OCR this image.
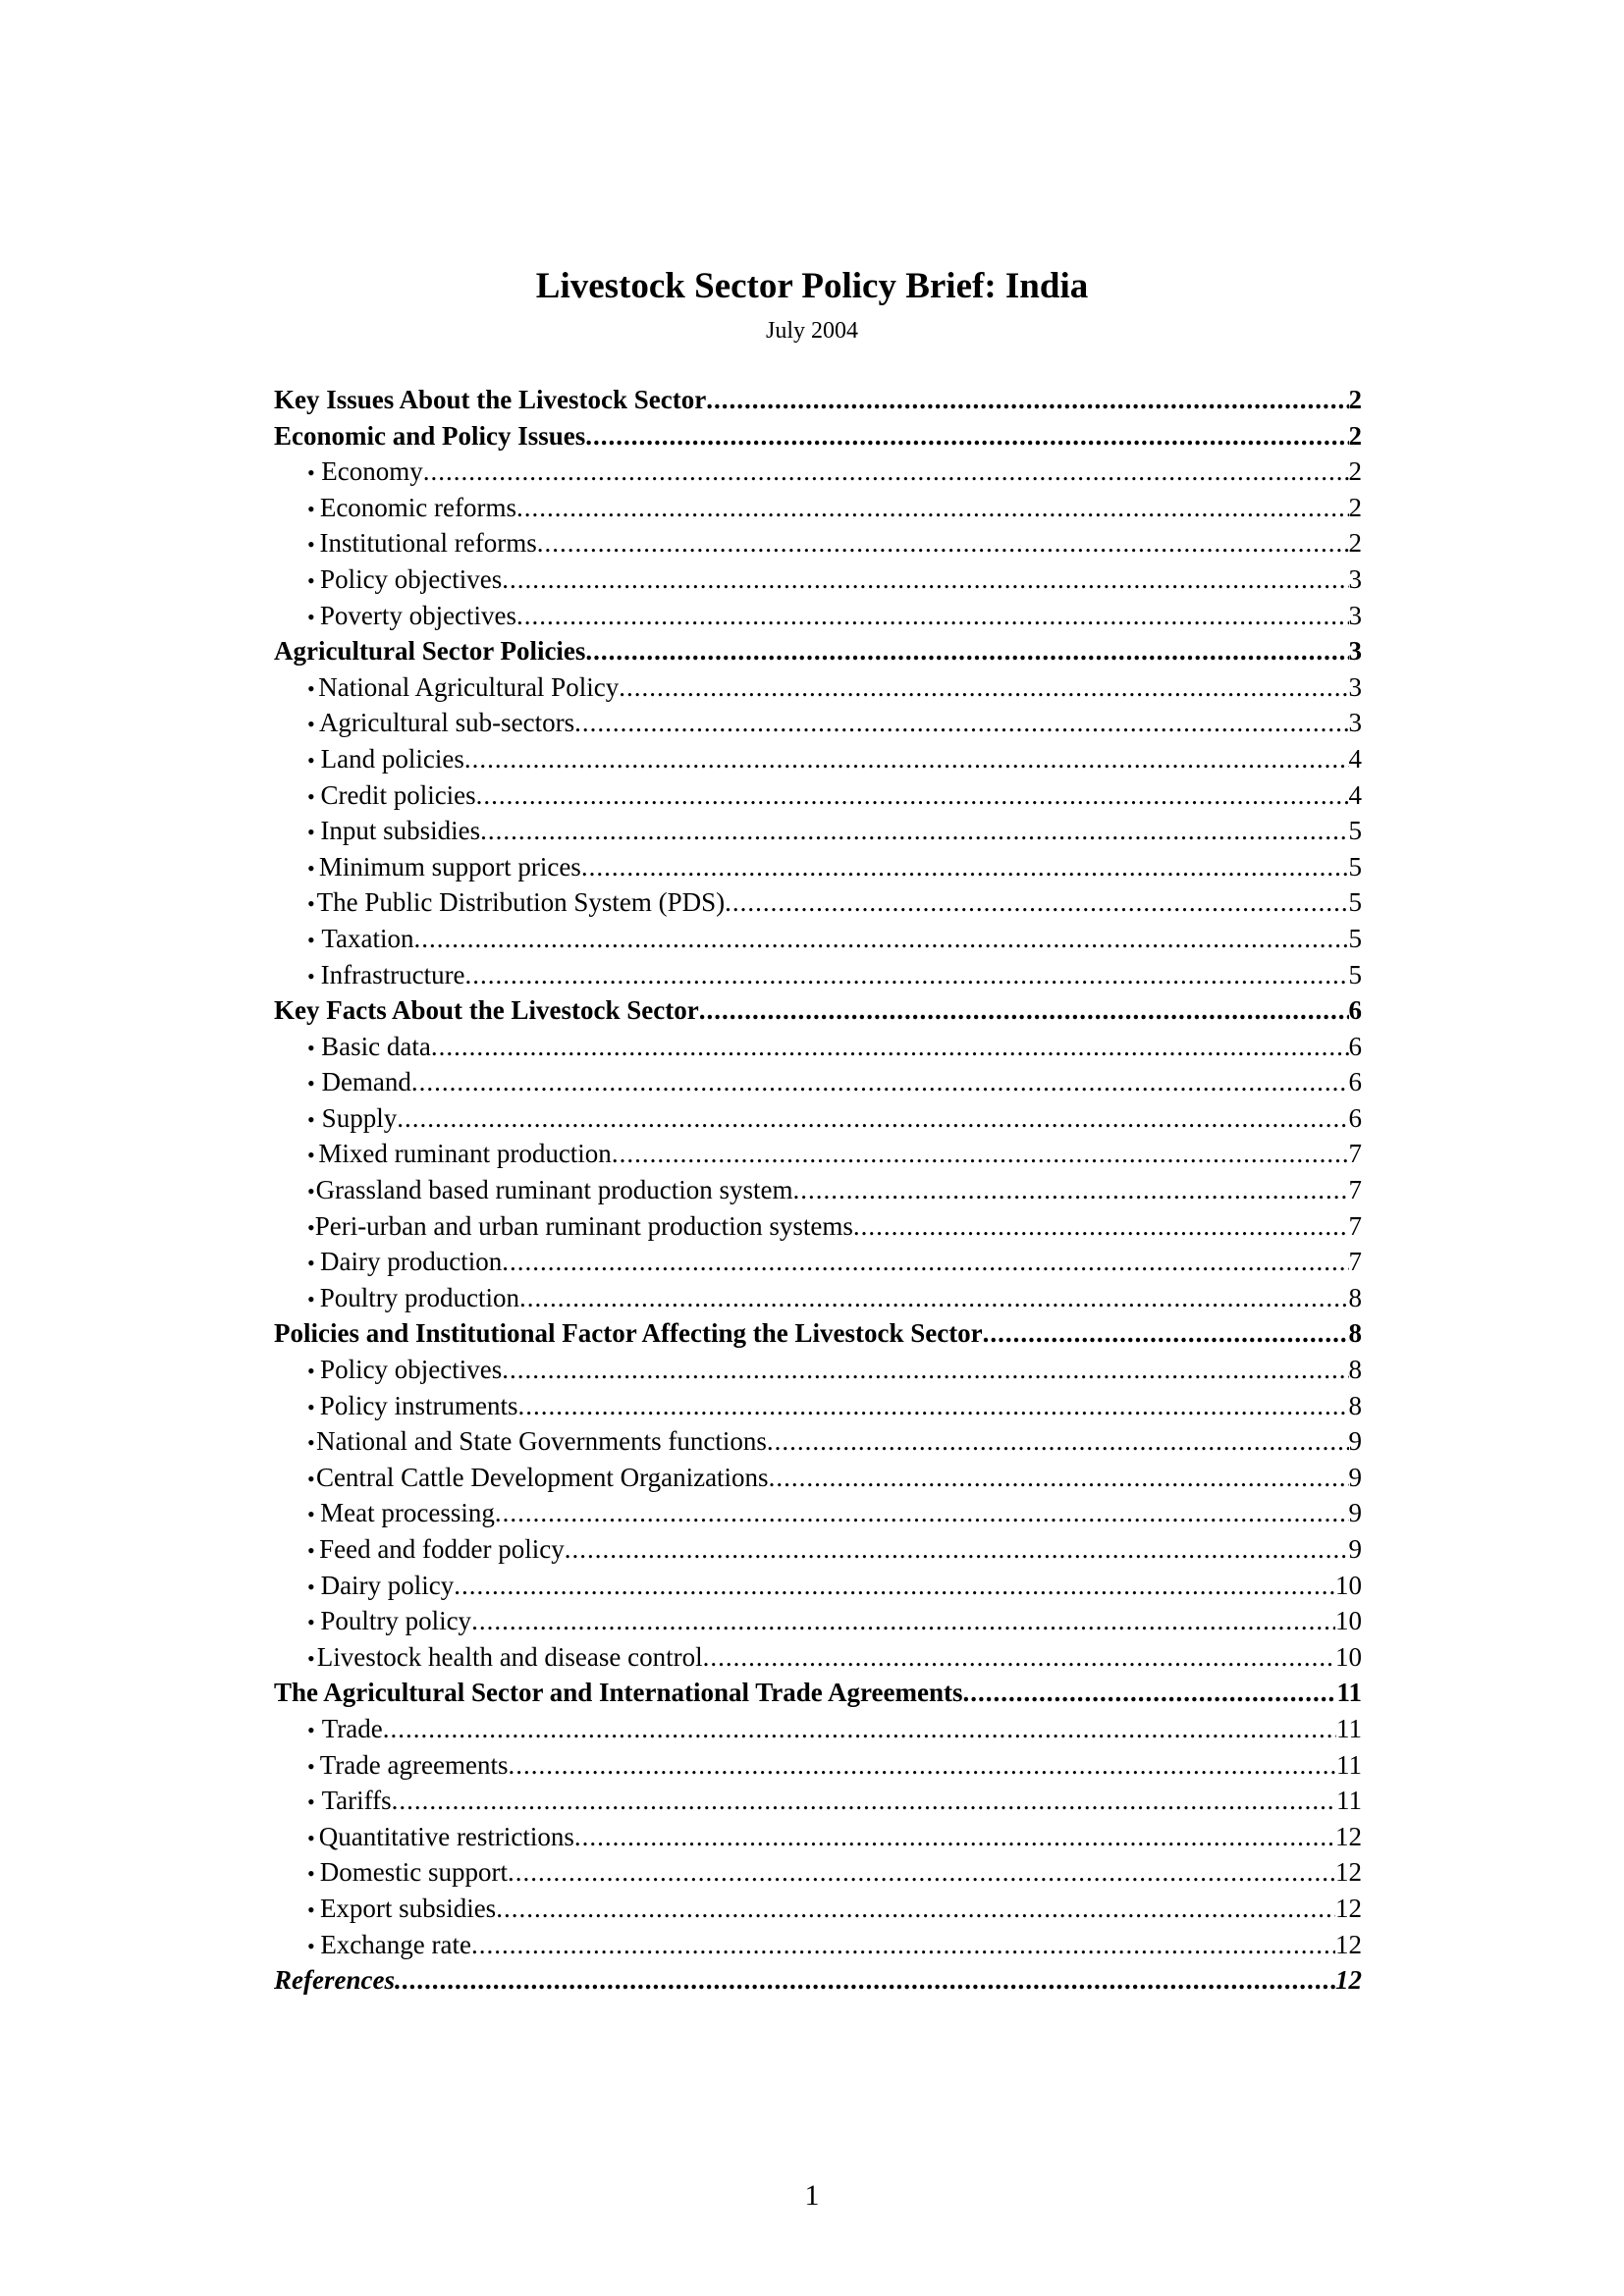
Livestock Sector Policy Brief: India
July 2004
Key Issues About the Livestock Sector .....	2
Economic and Policy Issues .....	2
• Economy .....	2
• Economic reforms .....	2
• Institutional reforms .....	2
• Policy objectives .....	3
• Poverty objectives .....	3
Agricultural Sector Policies .....	3
• National Agricultural Policy .....	3
• Agricultural sub-sectors .....	3
• Land policies .....	4
• Credit policies .....	4
• Input subsidies .....	5
• Minimum support prices .....	5
• The Public Distribution System (PDS) .....	5
• Taxation .....	5
• Infrastructure .....	5
Key Facts About the Livestock Sector .....	6
• Basic data .....	6
• Demand .....	6
• Supply .....	6
• Mixed ruminant production .....	7
• Grassland based ruminant production system .....	7
• Peri-urban and urban ruminant production systems .....	7
• Dairy production .....	7
• Poultry production .....	8
Policies and Institutional Factor Affecting the Livestock Sector .....	8
• Policy objectives .....	8
• Policy instruments .....	8
• National and State Governments functions .....	9
• Central Cattle Development Organizations .....	9
• Meat processing .....	9
• Feed and fodder policy .....	9
• Dairy policy .....	10
• Poultry policy .....	10
• Livestock health and disease control .....	10
The Agricultural Sector and International Trade Agreements .....	11
• Trade .....	11
• Trade agreements .....	11
• Tariffs .....	11
• Quantitative restrictions .....	12
• Domestic support .....	12
• Export subsidies .....	12
• Exchange rate .....	12
References .....	12
1
